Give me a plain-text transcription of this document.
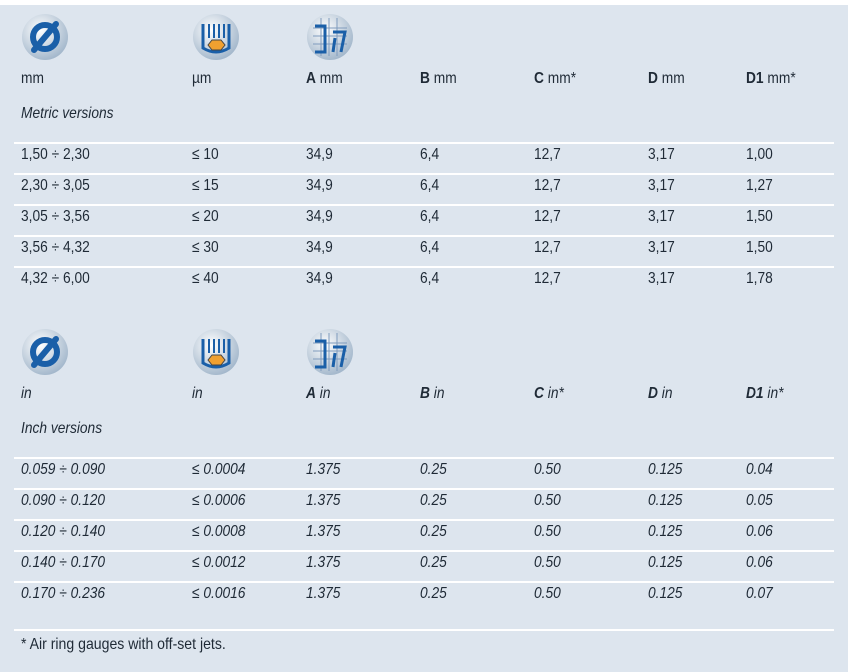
mm	µm	A mm	B mm	C mm*	D mm	D1 mm*
Metric versions
1,50 ÷ 2,30	≤ 10	34,9	6,4	12,7	3,17	1,00
2,30 ÷ 3,05	≤ 15	34,9	6,4	12,7	3,17	1,27
3,05 ÷ 3,56	≤ 20	34,9	6,4	12,7	3,17	1,50
3,56 ÷ 4,32	≤ 30	34,9	6,4	12,7	3,17	1,50
4,32 ÷ 6,00	≤ 40	34,9	6,4	12,7	3,17	1,78
in	in	A in	B in	C in*	D in	D1 in*
Inch versions
0.059 ÷ 0.090	≤ 0.0004	1.375	0.25	0.50	0.125	0.04
0.090 ÷ 0.120	≤ 0.0006	1.375	0.25	0.50	0.125	0.05
0.120 ÷ 0.140	≤ 0.0008	1.375	0.25	0.50	0.125	0.06
0.140 ÷ 0.170	≤ 0.0012	1.375	0.25	0.50	0.125	0.06
0.170 ÷ 0.236	≤ 0.0016	1.375	0.25	0.50	0.125	0.07
* Air ring gauges with off-set jets.
